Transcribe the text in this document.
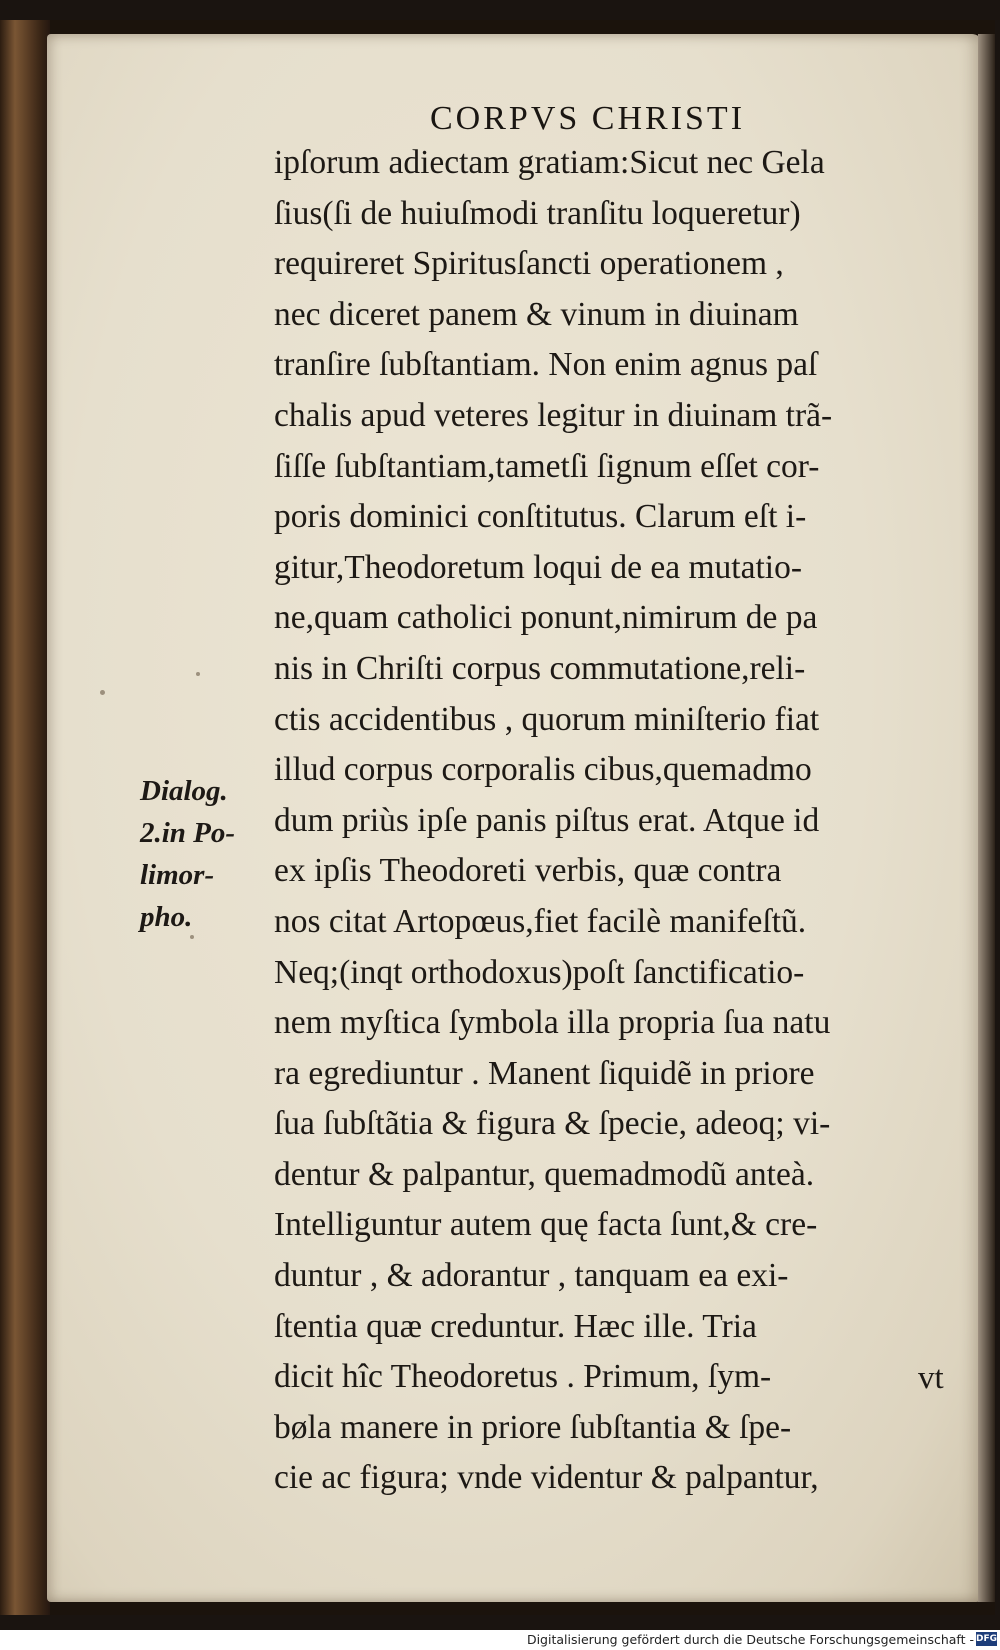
CORPVS CHRISTI
ipſorum adiectam gratiam:Sicut nec Gela
ſius(ſi de huiuſmodi tranſitu loqueretur)
requireret Spiritusſancti operationem ,
nec diceret panem & vinum in diuinam
tranſire ſubſtantiam. Non enim agnus paſ
chalis apud veteres legitur in diuinam trã-
ſiſſe ſubſtantiam,tametſi ſignum eſſet cor-
poris dominici conſtitutus. Clarum eſt i-
gitur,Theodoretum loqui de ea mutatio-
ne,quam catholici ponunt,nimirum de pa
nis in Chriſti corpus commutatione,reli-
ctis accidentibus , quorum miniſterio fiat
illud corpus corporalis cibus,quemadmo
dum priùs ipſe panis piſtus erat. Atque id
ex ipſis Theodoreti verbis, quæ contra
nos citat Artopœus,fiet facilè manifeſtũ.
Neq;(inqt orthodoxus)poſt ſanctificatio-
nem myſtica ſymbola illa propria ſua natu
ra egrediuntur . Manent ſiquidẽ in priore
ſua ſubſtãtia & figura & ſpecie, adeoq; vi-
dentur & palpantur, quemadmodũ anteà.
Intelliguntur autem quę facta ſunt,& cre-
duntur , & adorantur , tanquam ea exi-
ſtentia quæ creduntur. Hæc ille. Tria
dicit hîc Theodoretus . Primum, ſym-
bøla manere in priore ſubſtantia & ſpe-
cie ac figura; vnde videntur & palpantur,
Dialog.
2.in Po-
limor-
pho.
vt
Digitalisierung gefördert durch die Deutsche Forschungsgemeinschaft - DFG
